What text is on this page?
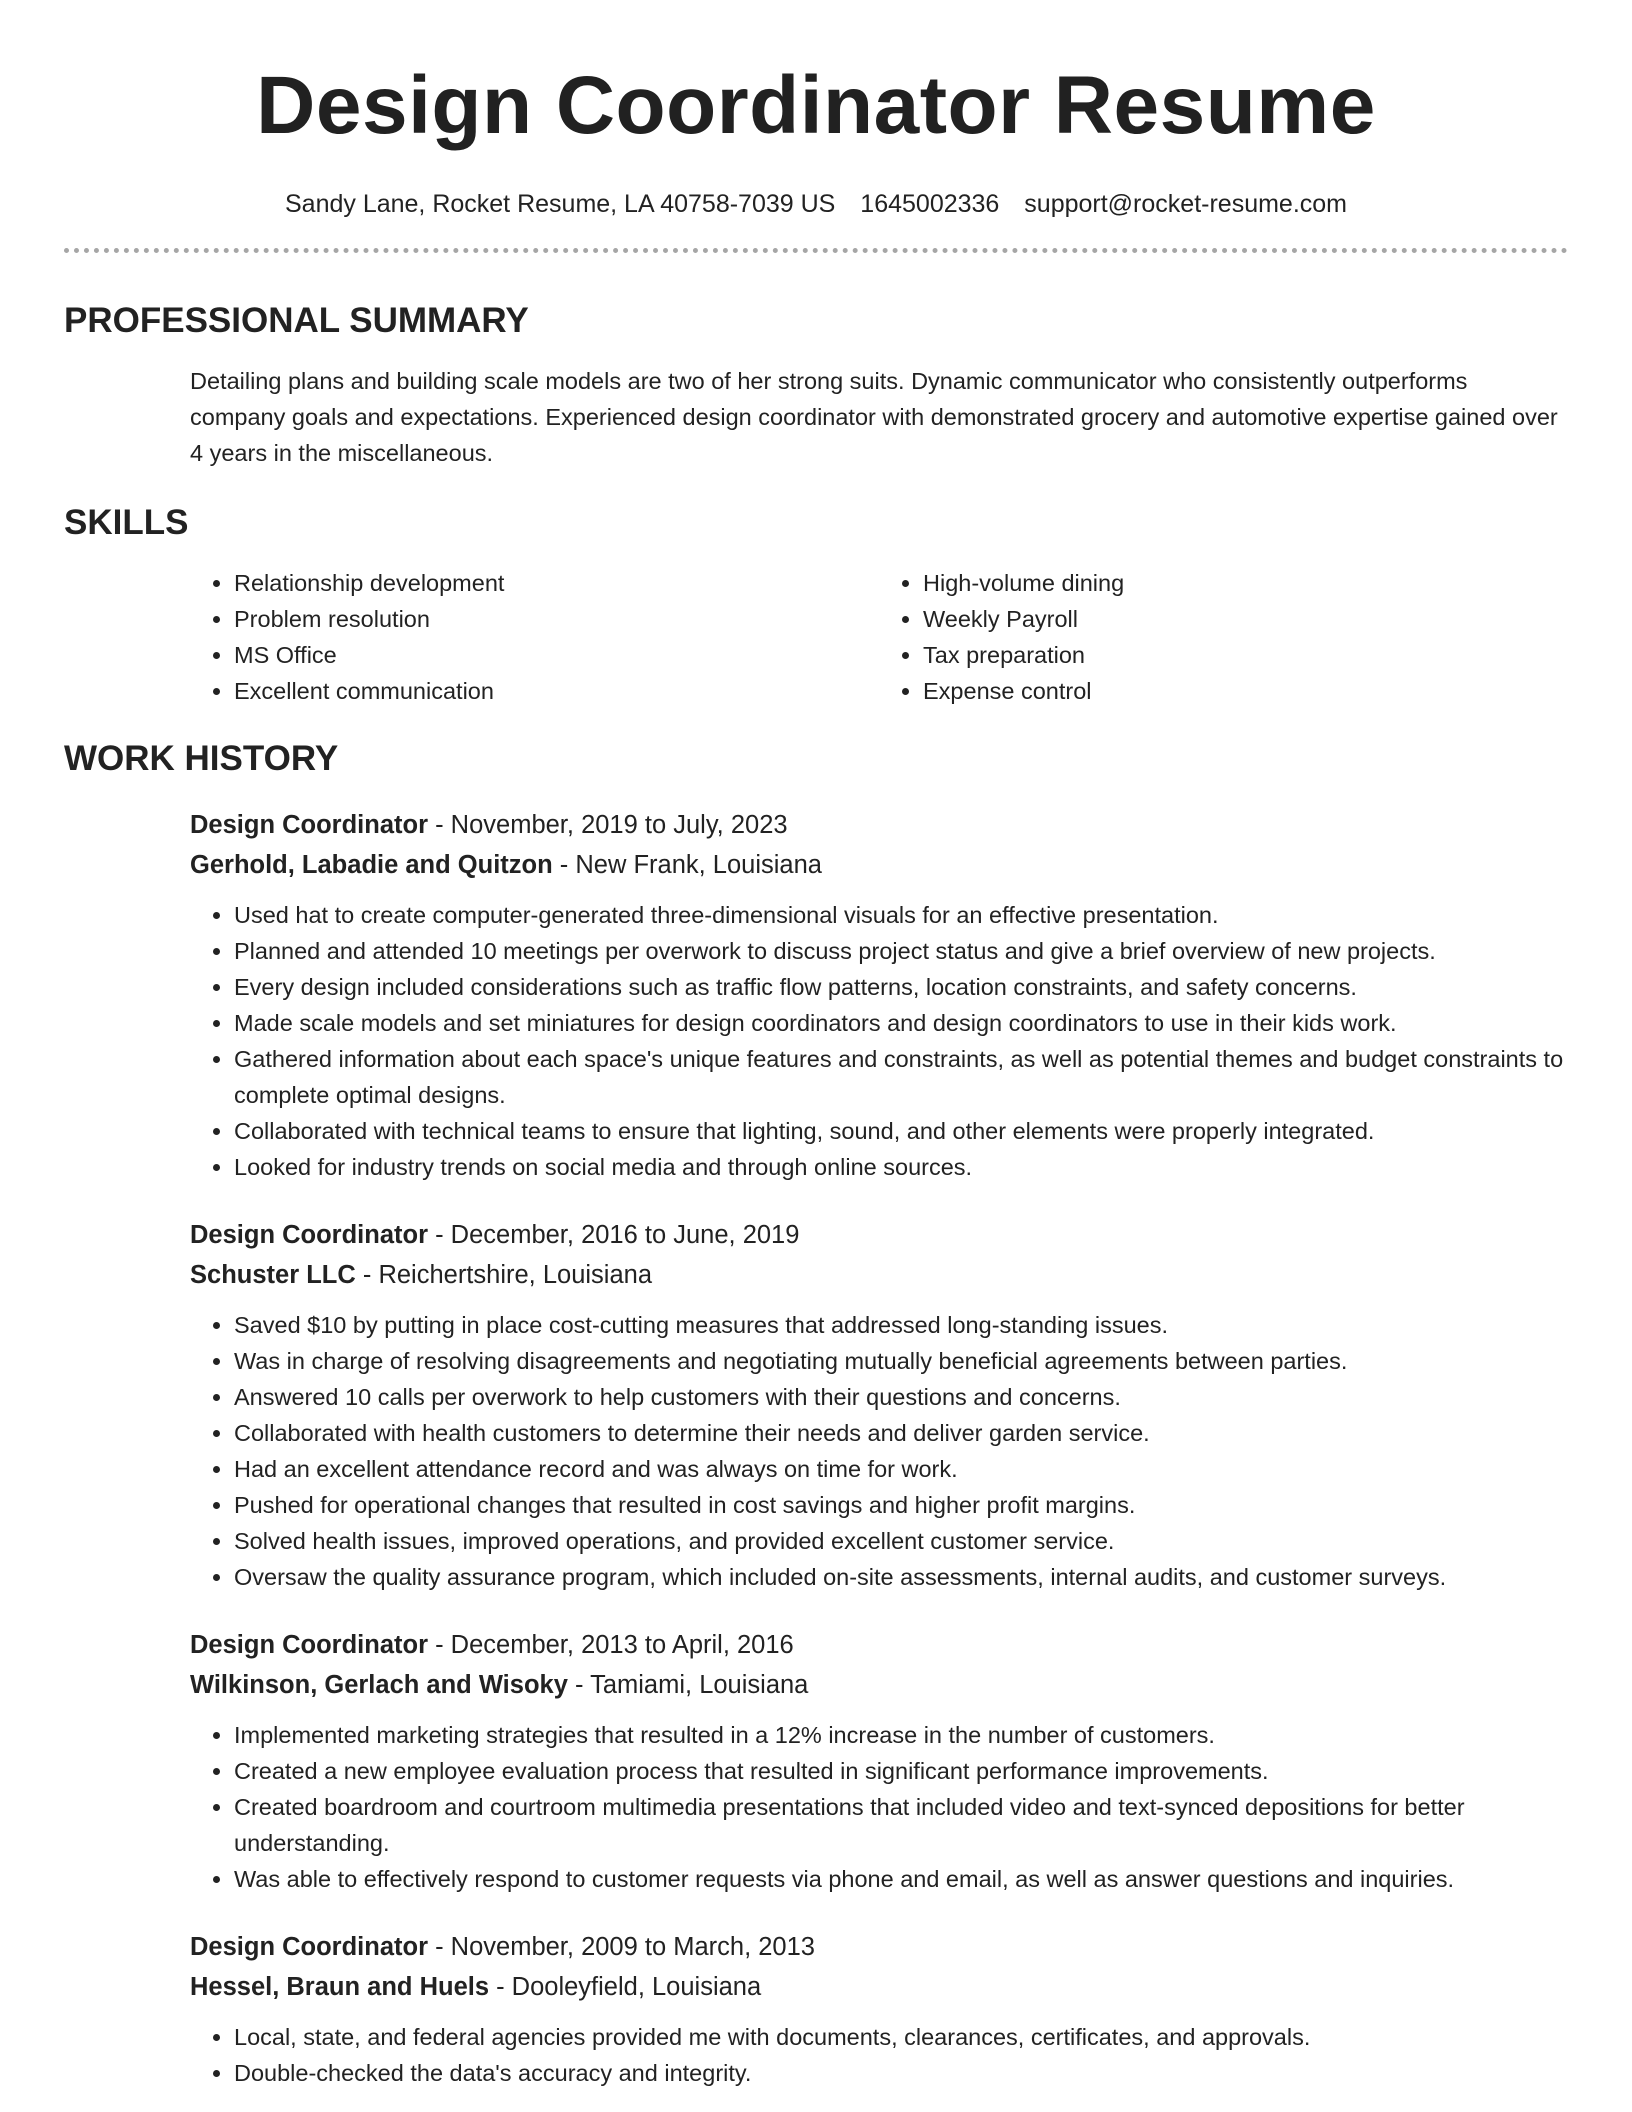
Design Coordinator Resume
Sandy Lane, Rocket Resume, LA 40758-7039 US 1645002336 support@rocket-resume.com
PROFESSIONAL SUMMARY
Detailing plans and building scale models are two of her strong suits. Dynamic communicator who consistently outperforms company goals and expectations. Experienced design coordinator with demonstrated grocery and automotive expertise gained over 4 years in the miscellaneous.
SKILLS
• Relationship development
• Problem resolution
• MS Office
• Excellent communication
• High-volume dining
• Weekly Payroll
• Tax preparation
• Expense control
WORK HISTORY
Design Coordinator - November, 2019 to July, 2023
Gerhold, Labadie and Quitzon - New Frank, Louisiana
• Used hat to create computer-generated three-dimensional visuals for an effective presentation.
• Planned and attended 10 meetings per overwork to discuss project status and give a brief overview of new projects.
• Every design included considerations such as traffic flow patterns, location constraints, and safety concerns.
• Made scale models and set miniatures for design coordinators and design coordinators to use in their kids work.
• Gathered information about each space's unique features and constraints, as well as potential themes and budget constraints to complete optimal designs.
• Collaborated with technical teams to ensure that lighting, sound, and other elements were properly integrated.
• Looked for industry trends on social media and through online sources.
Design Coordinator - December, 2016 to June, 2019
Schuster LLC - Reichertshire, Louisiana
• Saved $10 by putting in place cost-cutting measures that addressed long-standing issues.
• Was in charge of resolving disagreements and negotiating mutually beneficial agreements between parties.
• Answered 10 calls per overwork to help customers with their questions and concerns.
• Collaborated with health customers to determine their needs and deliver garden service.
• Had an excellent attendance record and was always on time for work.
• Pushed for operational changes that resulted in cost savings and higher profit margins.
• Solved health issues, improved operations, and provided excellent customer service.
• Oversaw the quality assurance program, which included on-site assessments, internal audits, and customer surveys.
Design Coordinator - December, 2013 to April, 2016
Wilkinson, Gerlach and Wisoky - Tamiami, Louisiana
• Implemented marketing strategies that resulted in a 12% increase in the number of customers.
• Created a new employee evaluation process that resulted in significant performance improvements.
• Created boardroom and courtroom multimedia presentations that included video and text-synced depositions for better understanding.
• Was able to effectively respond to customer requests via phone and email, as well as answer questions and inquiries.
Design Coordinator - November, 2009 to March, 2013
Hessel, Braun and Huels - Dooleyfield, Louisiana
• Local, state, and federal agencies provided me with documents, clearances, certificates, and approvals.
• Double-checked the data's accuracy and integrity.
